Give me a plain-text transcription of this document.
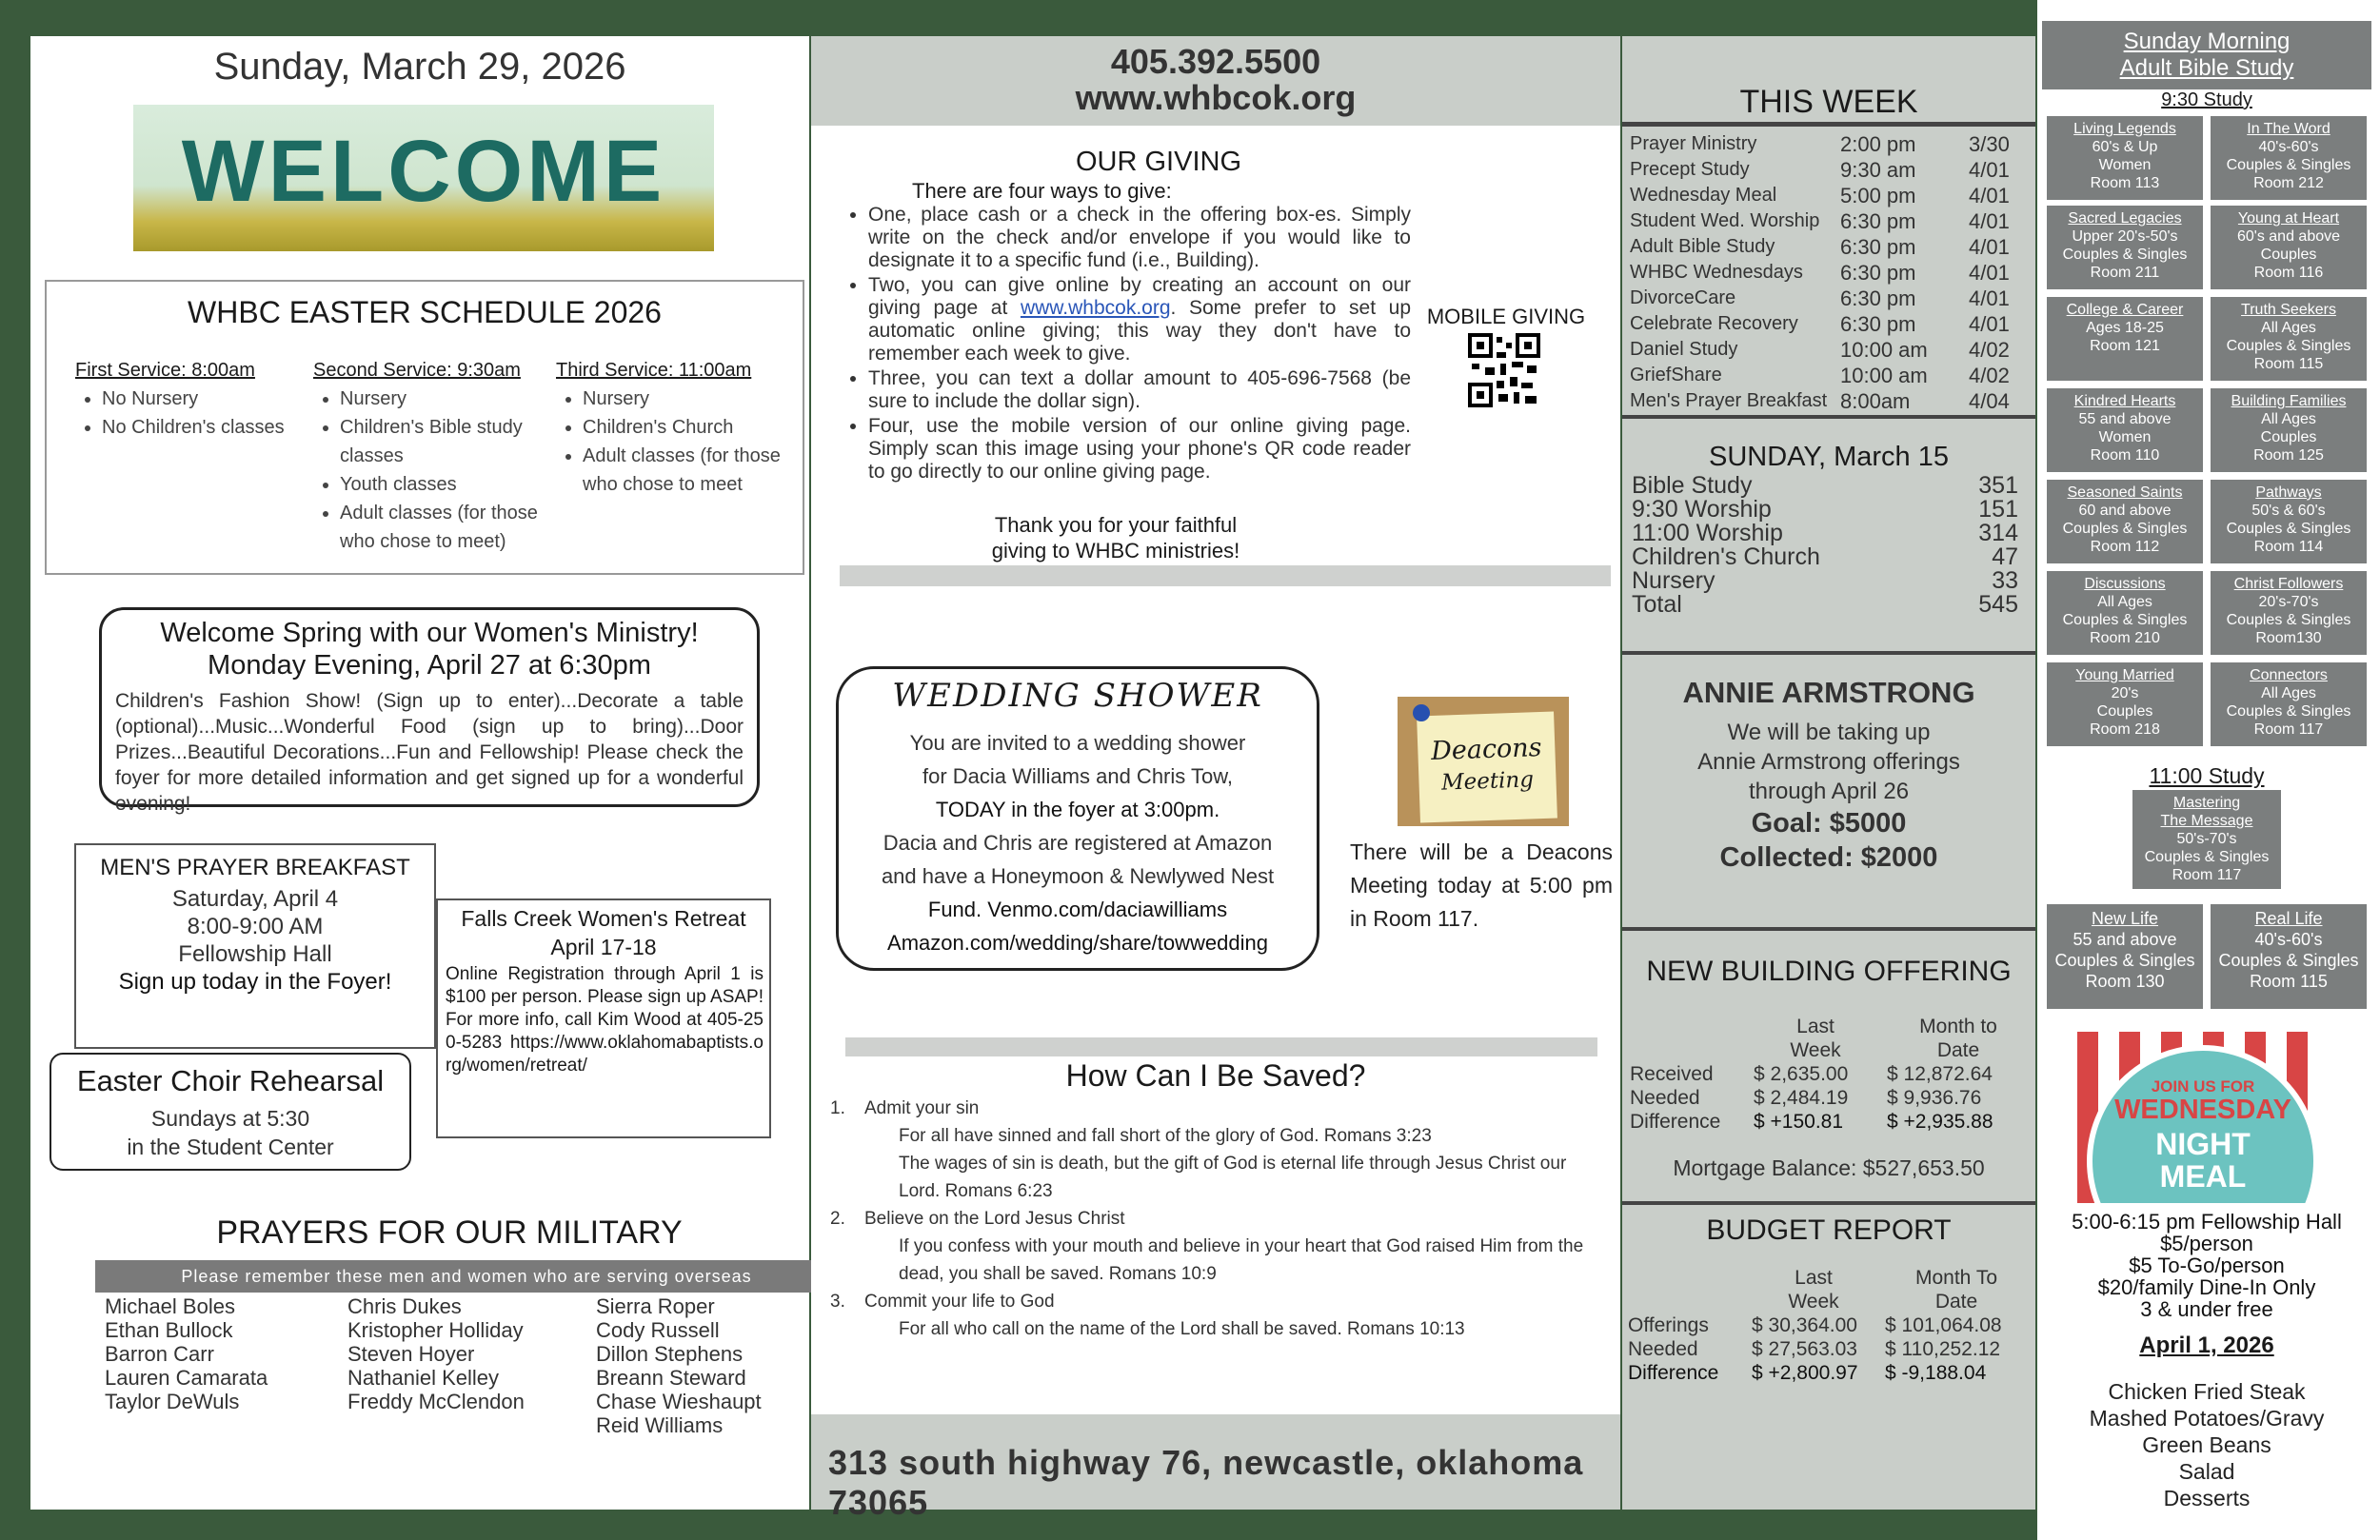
Sunday, March 29, 2026
WELCOME
WHBC EASTER SCHEDULE 2026
First Service: 8:00am
• No Nursery
• No Children's classes
Second Service: 9:30am
• Nursery
• Children's Bible study classes
• Youth classes
• Adult classes (for those who chose to meet)
Third Service: 11:00am
• Nursery
• Children's Church
• Adult classes (for those who chose to meet
Welcome Spring with our Women's Ministry!
Monday Evening, April 27 at 6:30pm
Children's Fashion Show! (Sign up to enter)...Decorate a table (optional)...Music...Wonderful Food (sign up to bring)...Door Prizes...Beautiful Decorations...Fun and Fellowship! Please check the foyer for more detailed information and get signed up for a wonderful evening!
MEN'S PRAYER BREAKFAST
Saturday, April 4
8:00-9:00 AM
Fellowship Hall
Sign up today in the Foyer!
Falls Creek Women's Retreat
April 17-18
Online Registration through April 1 is $100 per person. Please sign up ASAP! For more info, call Kim Wood at 405-250-5283 https://www.oklahomabaptists.org/women/retreat/
Easter Choir Rehearsal
Sundays at 5:30
in the Student Center
PRAYERS FOR OUR MILITARY
Please remember these men and women who are serving overseas
Michael Boles
Ethan Bullock
Barron Carr
Lauren Camarata
Taylor DeWuls
Chris Dukes
Kristopher Holliday
Steven Hoyer
Nathaniel Kelley
Freddy McClendon
Sierra Roper
Cody Russell
Dillon Stephens
Breann Steward
Chase Wieshaupt
Reid Williams
405.392.5500
www.whbcok.org
OUR GIVING
There are four ways to give:
• One, place cash or a check in the offering box-es. Simply write on the check and/or envelope if you would like to designate it to a specific fund (i.e., Building).
• Two, you can give online by creating an account on our giving page at www.whbcok.org. Some prefer to set up automatic online giving; this way they don't have to remember each week to give.
• Three, you can text a dollar amount to 405-696-7568 (be sure to include the dollar sign).
• Four, use the mobile version of our online giving page. Simply scan this image using your phone's QR code reader to go directly to our online giving page.
Thank you for your faithful
giving to WHBC ministries!
MOBILE GIVING
WEDDING SHOWER
You are invited to a wedding shower
for Dacia Williams and Chris Tow,
TODAY in the foyer at 3:00pm.
Dacia and Chris are registered at Amazon
and have a Honeymoon & Newlywed Nest
Fund. Venmo.com/daciawilliams
Amazon.com/wedding/share/towwedding
Deacons
Meeting
There will be a Deacons Meeting today at 5:00 pm in Room 117.
How Can I Be Saved?
1. Admit your sin
For all have sinned and fall short of the glory of God. Romans 3:23
The wages of sin is death, but the gift of God is eternal life through Jesus Christ our Lord. Romans 6:23
2. Believe on the Lord Jesus Christ
If you confess with your mouth and believe in your heart that God raised Him from the dead, you shall be saved. Romans 10:9
3. Commit your life to God
For all who call on the name of the Lord shall be saved. Romans 10:13
313 south highway 76, newcastle, oklahoma 73065
THIS WEEK
Prayer Ministry	2:00 pm	3/30
Precept Study	9:30 am	4/01
Wednesday Meal	5:00 pm	4/01
Student Wed. Worship 6:30 pm	4/01
Adult Bible Study	6:30 pm	4/01
WHBC Wednesdays	6:30 pm	4/01
DivorceCare	6:30 pm	4/01
Celebrate Recovery	6:30 pm	4/01
Daniel Study	10:00 am	4/02
GriefShare	10:00 am	4/02
Men's Prayer Breakfast 8:00am	4/04
SUNDAY, March 15
Bible Study	351
9:30 Worship	151
11:00 Worship	314
Children's Church	47
Nursery	33
Total	545
ANNIE ARMSTRONG
We will be taking up
Annie Armstrong offerings
through April 26
Goal: $5000
Collected: $2000
NEW BUILDING OFFERING
Last	Month to
Week	Date
Received	$ 2,635.00	$ 12,872.64
Needed	$ 2,484.19	$ 9,936.76
Difference	$ +150.81	$ +2,935.88
Mortgage Balance: $527,653.50
BUDGET REPORT
Last	Month To
Week	Date
Offerings	$ 30,364.00	$ 101,064.08
Needed	$ 27,563.03	$ 110,252.12
Difference	$ +2,800.97	$ -9,188.04
Sunday Morning
Adult Bible Study
9:30 Study
Living Legends
60's & Up
Women
Room 113
In The Word
40's-60's
Couples & Singles
Room 212
Sacred Legacies
Upper 20's-50's
Couples & Singles
Room 211
Young at Heart
60's and above
Couples
Room 116
College & Career
Ages 18-25
Room 121
Truth Seekers
All Ages
Couples & Singles
Room 115
Kindred Hearts
55 and above
Women
Room 110
Building Families
All Ages
Couples
Room 125
Seasoned Saints
60 and above
Couples & Singles
Room 112
Pathways
50's & 60's
Couples & Singles
Room 114
Discussions
All Ages
Couples & Singles
Room 210
Christ Followers
20's-70's
Couples & Singles
Room130
Young Married
20's
Couples
Room 218
Connectors
All Ages
Couples & Singles
Room 117
11:00 Study
Mastering
The Message
50's-70's
Couples & Singles
Room 117
New Life
55 and above
Couples & Singles
Room 130
Real Life
40's-60's
Couples & Singles
Room 115
JOIN US FOR
WEDNESDAY
NIGHT
MEAL
5:00-6:15 pm Fellowship Hall
$5/person
$5 To-Go/person
$20/family Dine-In Only
3 & under free
April 1, 2026
Chicken Fried Steak
Mashed Potatoes/Gravy
Green Beans
Salad
Desserts
